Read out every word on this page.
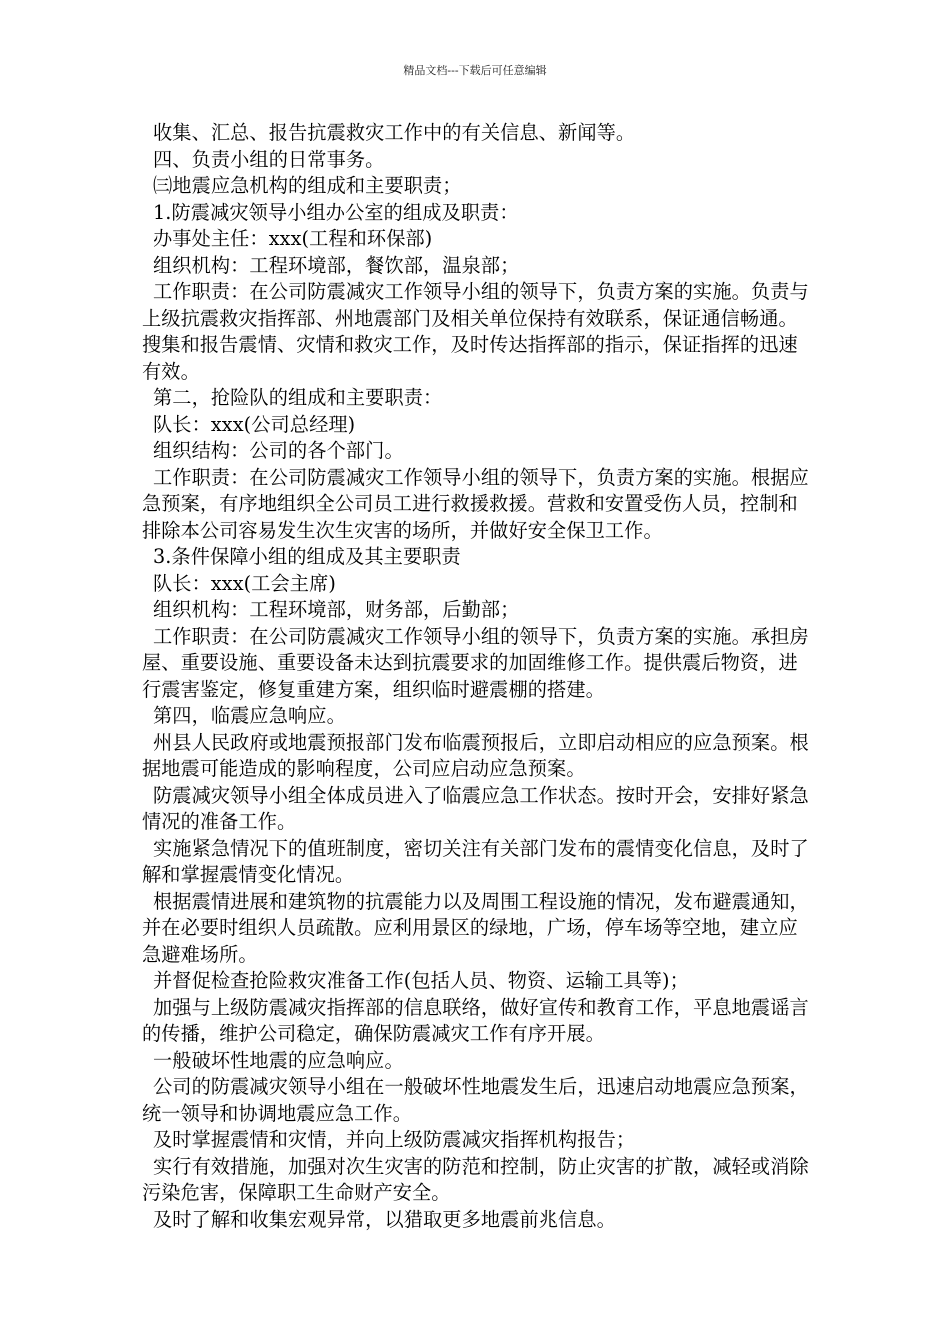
精品文档---下载后可任意编辑

收集、汇总、报告抗震救灾工作中的有关信息、新闻等。

四、负责小组的日常事务。

㈢地震应急机构的组成和主要职责；

1.防震减灾领导小组办公室的组成及职责：

办事处主任：xxx(工程和环保部)

组织机构：工程环境部，餐饮部，温泉部；

工作职责：在公司防震减灾工作领导小组的领导下，负责方案的实施。负责与上级抗震救灾指挥部、州地震部门及相关单位保持有效联系，保证通信畅通。搜集和报告震情、灾情和救灾工作，及时传达指挥部的指示，保证指挥的迅速有效。

第二，抢险队的组成和主要职责：

队长：xxx(公司总经理)

组织结构：公司的各个部门。

工作职责：在公司防震减灾工作领导小组的领导下，负责方案的实施。根据应急预案，有序地组织全公司员工进行救援救援。营救和安置受伤人员，控制和排除本公司容易发生次生灾害的场所，并做好安全保卫工作。

3.条件保障小组的组成及其主要职责

队长：xxx(工会主席)

组织机构：工程环境部，财务部，后勤部；

工作职责：在公司防震减灾工作领导小组的领导下，负责方案的实施。承担房屋、重要设施、重要设备未达到抗震要求的加固维修工作。提供震后物资，进行震害鉴定，修复重建方案，组织临时避震棚的搭建。

第四，临震应急响应。

州县人民政府或地震预报部门发布临震预报后，立即启动相应的应急预案。根据地震可能造成的影响程度，公司应启动应急预案。

防震减灾领导小组全体成员进入了临震应急工作状态。按时开会，安排好紧急情况的准备工作。

实施紧急情况下的值班制度，密切关注有关部门发布的震情变化信息，及时了解和掌握震情变化情况。

根据震情进展和建筑物的抗震能力以及周围工程设施的情况，发布避震通知，并在必要时组织人员疏散。应利用景区的绿地，广场，停车场等空地，建立应急避难场所。

并督促检查抢险救灾准备工作(包括人员、物资、运输工具等)；

加强与上级防震减灾指挥部的信息联络，做好宣传和教育工作，平息地震谣言的传播，维护公司稳定，确保防震减灾工作有序开展。

一般破坏性地震的应急响应。

公司的防震减灾领导小组在一般破坏性地震发生后，迅速启动地震应急预案，统一领导和协调地震应急工作。

及时掌握震情和灾情，并向上级防震减灾指挥机构报告；

实行有效措施，加强对次生灾害的防范和控制，防止灾害的扩散，减轻或消除污染危害，保障职工生命财产安全。

及时了解和收集宏观异常，以猎取更多地震前兆信息。
